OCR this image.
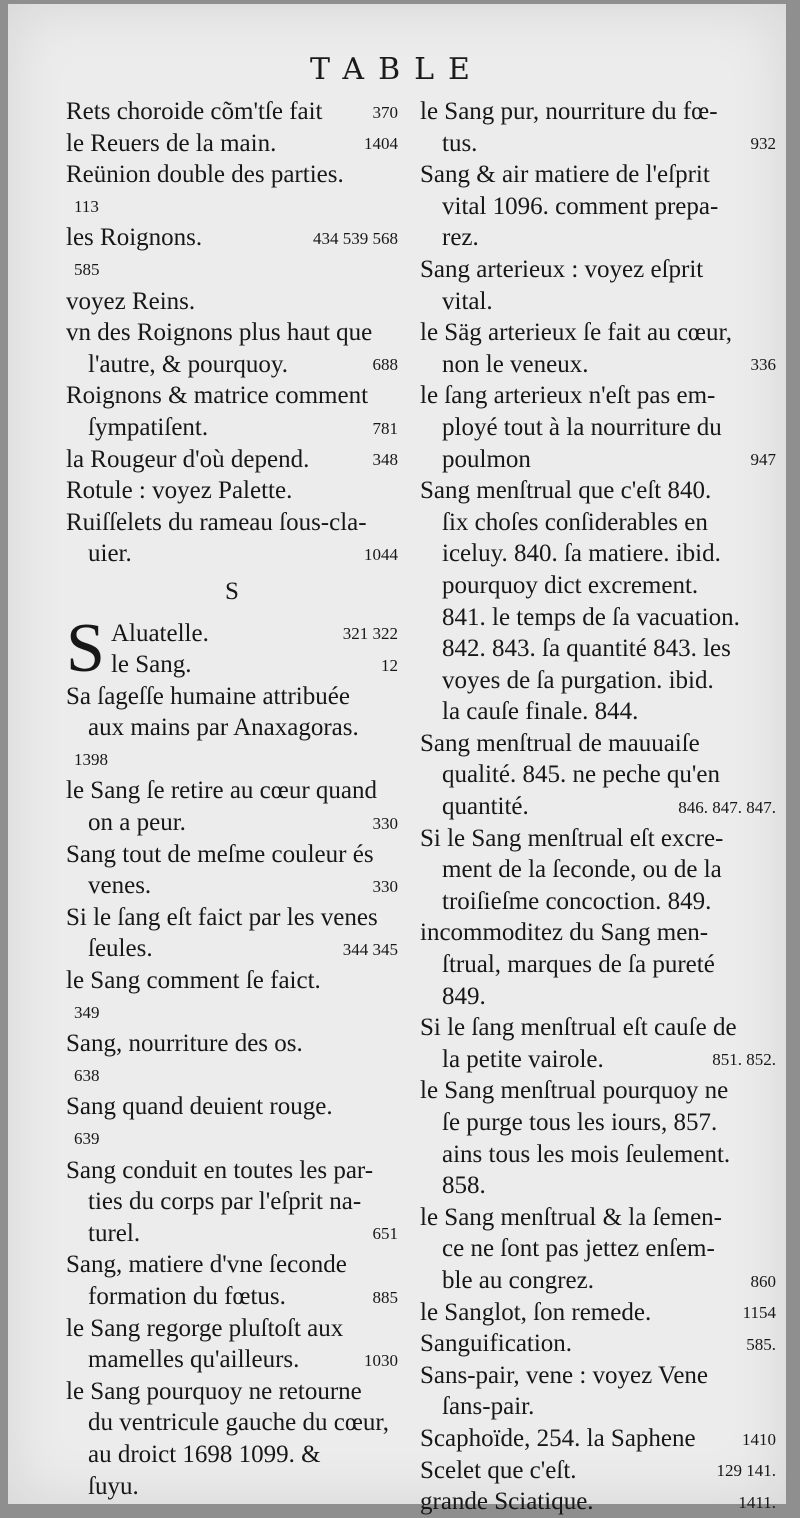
TABLE
Rets choroide cõm'tſe fait	370
le Reuers de la main.	1404
Reünion double des parties.
113
les Roignons.	434 539 568
585
voyez Reins.
vn des Roignons plus haut que
l'autre, & pourquoy.	688
Roignons & matrice comment
ſympatiſent.	781
la Rougeur d'où depend.	348
Rotule : voyez Palette.
Ruiſſelets du rameau ſous-cla-
uier.	1044
S
S Aluatelle.	321 322
le Sang.	12
Sa ſageſſe humaine attribuée
aux mains par Anaxagoras.
1398
le Sang ſe retire au cœur quand
on a peur.	330
Sang tout de meſme couleur és
venes.	330
Si le ſang eſt faict par les venes
ſeules.	344 345
le Sang comment ſe faict.
349
Sang, nourriture des os.
638
Sang quand deuient rouge.
639
Sang conduit en toutes les par-
ties du corps par l'eſprit na-
turel.	651
Sang, matiere d'vne ſeconde
formation du fœtus.	885
le Sang regorge pluſtoſt aux
mamelles qu'ailleurs.	1030
le Sang pourquoy ne retourne
du ventricule gauche du cœur,
au droict 1698 1099. &
ſuyu.
le Sang pur, nourriture du fœ-
tus.	932
Sang & air matiere de l'eſprit
vital 1096. comment prepa-
rez.
Sang arterieux : voyez eſprit
vital.
le Säg arterieux ſe fait au cœur,
non le veneux.	336
le ſang arterieux n'eſt pas em-
ployé tout à la nourriture du
poulmon	947
Sang menſtrual que c'eſt 840.
ſix choſes conſiderables en
iceluy. 840. ſa matiere. ibid.
pourquoy dict excrement.
841. le temps de ſa vacuation.
842. 843. ſa quantité 843. les
voyes de ſa purgation. ibid.
la cauſe finale. 844.
Sang menſtrual de mauuaiſe
qualité. 845. ne peche qu'en
quantité.	846. 847. 847.
Si le Sang menſtrual eſt excre-
ment de la ſeconde, ou de la
troiſieſme concoction. 849.
incommoditez du Sang men-
ſtrual, marques de ſa pureté
849.
Si le ſang menſtrual eſt cauſe de
la petite vairole.	851. 852.
le Sang menſtrual pourquoy ne
ſe purge tous les iours, 857.
ains tous les mois ſeulement.
858.
le Sang menſtrual & la ſemen-
ce ne ſont pas jettez enſem-
ble au congrez.	860
le Sanglot, ſon remede.	1154
Sanguification.	585.
Sans-pair, vene : voyez Vene
ſans-pair.
Scaphoïde, 254. la Saphene	1410
Scelet que c'eſt.	129 141.
grande Sciatique.	1411.
